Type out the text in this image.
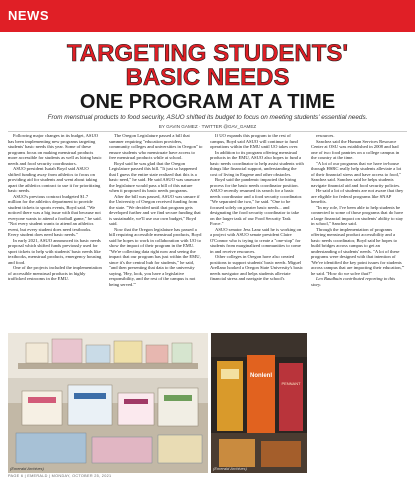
NEWS
TARGETING STUDENTS'
BASIC NEEDS
ONE PROGRAM AT A TIME
From menstrual products to food security, ASUO shifted its budget to focus on meeting students' essential needs.
BY GAVIN GAMEZ · TWITTER @GAV_GAMEZ

Following major changes in its budget, ASUO has been implementing new programs targeting students' basic needs this year. Some of these programs focus on making menstrual products more accessible for students as well as hiring basic needs and food security coordinators.

ASUO president Isaiah Boyd said ASUO shifted funding away from athletics to focus on providing aid for students and went about taking apart the athletics contract to use it for prioritizing basic needs.

ASUO's previous contract budgeted $1.7 million for the athletics department to provide student tickets to sports events, Boyd said. "We noticed there was a big issue with that because not everyone wants to attend a football game," he said. "Not every student wants to attend an athletics event, but every student does need textbooks. Every student does need basic needs."

In early 2021, ASUO announced its basic needs proposal which shifted funds previously used for sport tickets to help with students' basic needs like textbooks, menstrual products, emergency housing and food.

One of the projects included the implementation of accessible menstrual products in highly trafficked restrooms in the EMU.

The Oregon Legislature passed a bill that summer requiring "education providers, community colleges and universities in Oregon" to ensure students who menstruate have access to free menstrual products while at school.

Boyd said he was glad that the Oregon Legislature passed this bill. "It just so happened that I guess the entire state realized that this is a basic need," he said. He said ASUO was unaware the legislature would pass a bill of this nature when it proposed its basic needs programs.

After the bill was passed, ASUO was unsure if the University of Oregon received funding from the state. "We decided until that program gets developed further and we find secure funding that is sustainable, we'll use our own budget," Boyd said.

Now that the Oregon legislature has passed a bill requiring accessible menstrual products, Boyd said he hopes to work in collaboration with UO to show the impact of their program in the EMU. "We're collecting data right now and seeing the impact that our program has just within the EMU, since it's the central hub for students," he said, "and then presenting that data to the university saying, 'Hey, look, you have a legislative responsibility, and the rest of the campus is not being served.'"

If UO expands this program to the rest of campus, Boyd said ASUO will continue to fund operations within the EMU until UO takes over.

In addition to its program offering menstrual products in the EMU, ASUO also hopes to fund a basic needs coordinator to help assist students with things like financial support, understanding the cost of living in Eugene and other obstacles.

Boyd said the pandemic impacted the hiring process for the basic needs coordinator position. ASUO recently resumed its search for a basic needs coordinator and a food security coordinator. "We separated the two," he said. "One to be focused solely on greater basic needs... and designating the food security coordinator to take on the larger task of our Food Security Task Force."

ASUO senator Jess Lanz said he is working on a project with ASUO senate president Claire O'Connor who is trying to create a "one-stop" for students from marginalized communities to come in and receive resources.

Other colleges in Oregon have also created positions to support students' basic needs. Miguel Arellano hooked a Oregon State University's basic needs navigator and helps students alleviate financial stress and navigate the school's

resources.

Sanchez said the Human Services Resource Center at OSU was established in 2008 and had one of two food pantries on a college campus in the country at the time.

"A lot of our programs that we have in-house through HSRC really help students alleviate a lot of their financial stress and have access to food," Sanchez said. Sanchez said he helps students navigate financial aid and food security policies.

He said a lot of students are not aware that they are eligible for federal programs like SNAP benefits.

"In my role, I've been able to help students be connected to some of those programs that do have a large financial impact on students' ability to stay in school," Sanchez said.

Through the implementation of programs offering menstrual product accessibility and a basic needs coordinator, Boyd said he hopes to build bridges across campus to get an understanding of students' needs. "A lot of these programs were designed with that intention of 'We've identified the key point issues for students across campus that are impacting their education,'" he said. "How do we solve that?"

Leo Baudhuin contributed reporting to this story.

(Emerald Archives)
Nonlenl
PENNANT
(Emerald Archives)
PAGE 6 | EMERALD | MONDAY, OCTOBER 25, 2021
